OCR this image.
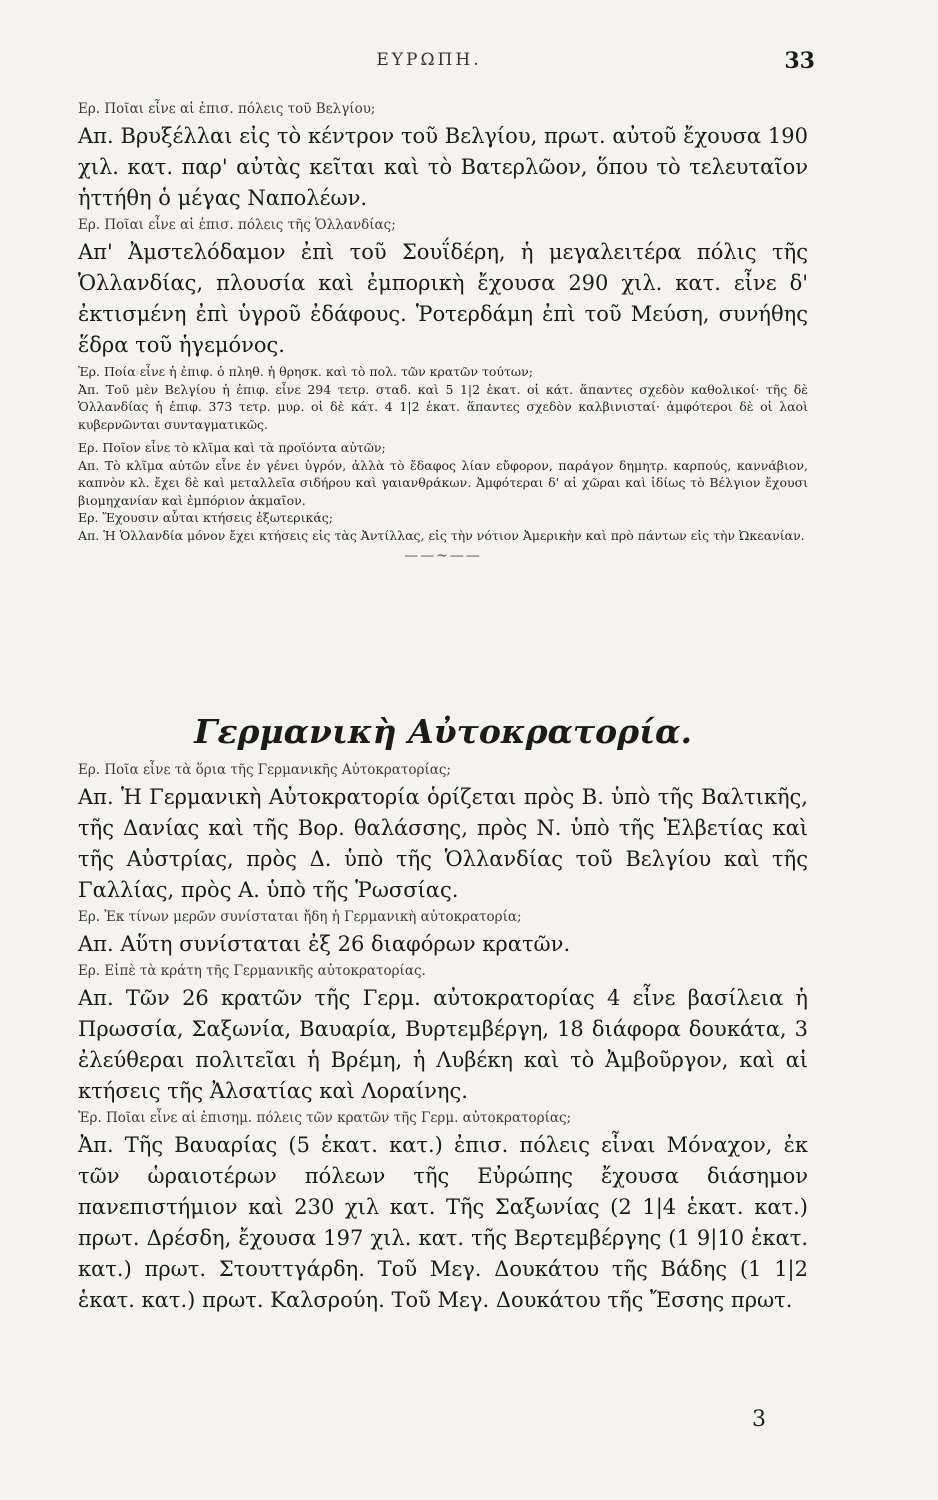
ΕΥΡΩΠΗ.	33

Ερ. Ποῖαι εἶνε αἱ ἐπισ. πόλεις τοῦ Βελγίου;

Απ. Βρυξέλλαι εἰς τὸ κέντρον τοῦ Βελγίου, πρωτ. αὐτοῦ ἔχουσα 190 χιλ. κατ. παρ' αὐτὰς κεῖται καὶ τὸ Βατερλῶον, ὅπου τὸ τελευταῖον ἡττήθη ὁ μέγας Ναπολέων.

Ερ. Ποῖαι εἶνε αἱ ἐπισ. πόλεις τῆς Ὁλλανδίας;

Απ' Ἀμστελόδαμον ἐπὶ τοῦ Σουΐδέρη, ἡ μεγαλειτέρα πόλις τῆς Ὁλλανδίας, πλουσία καὶ ἐμπορικὴ ἔχουσα 290 χιλ. κατ. εἶνε δ' ἐκτισμένη ἐπὶ ὑγροῦ ἐδάφους. Ῥοτερδάμη ἐπὶ τοῦ Μεύση, συνήθης ἕδρα τοῦ ἡγεμόνος.

Ἐρ. Ποία εἶνε ἡ ἐπιφ. ὁ πληθ. ἡ θρησκ. καὶ τὸ πολ. τῶν κρατῶν τούτων;

Ἀπ. Τοῦ μὲν Βελγίου ἡ ἐπιφ. εἶνε 294 τετρ. σταδ. καὶ 5 1|2 ἑκατ. οἱ κάτ. ἅπαντες σχεδὸν καθολικοί· τῆς δὲ Ὁλλανδίας ἡ ἐπιφ. 373 τετρ. μυρ. οἱ δὲ κάτ. 4 1|2 ἑκατ. ἅπαντες σχεδὸν καλβινισταί· ἀμφότεροι δὲ οἱ λαοὶ κυβερνῶνται συνταγματικῶς.

Ερ. Ποῖον εἶνε τὸ κλῖμα καὶ τὰ προϊόντα αὐτῶν;

Απ. Τὸ κλῖμα αὐτῶν εἶνε ἐν γένει ὑγρόν, ἀλλὰ τὸ ἔδαφος λίαν εὔφορον, παράγον δημητρ. καρπούς, καννάβιον, καπνὸν κλ. ἔχει δὲ καὶ μεταλλεῖα σιδήρου καὶ γαιανθράκων. Ἀμφότεραι δ' αἱ χῶραι καὶ ἰδίως τὸ Βέλγιον ἔχουσι βιομηχανίαν καὶ ἐμπόριον ἀκμαῖον.

Ερ. Ἔχουσιν αὗται κτήσεις ἐξωτερικάς;

Απ. Ἡ Ὁλλανδία μόνον ἔχει κτήσεις εἰς τὰς Ἀντίλλας, εἰς τὴν νότιον Ἀμερικὴν καὶ πρὸ πάντων εἰς τὴν Ὠκεανίαν.

——~——
Γερμανικὴ Αὐτοκρατορία.

Ερ. Ποῖα εἶνε τὰ ὅρια τῆς Γερμανικῆς Αὐτοκρατορίας;

Απ. Ἡ Γερμανικὴ Αὐτοκρατορία ὁρίζεται πρὸς Β. ὑπὸ τῆς Βαλτικῆς, τῆς Δανίας καὶ τῆς Βορ. θαλάσσης, πρὸς Ν. ὑπὸ τῆς Ἑλβετίας καὶ τῆς Αὐστρίας, πρὸς Δ. ὑπὸ τῆς Ὁλλανδίας τοῦ Βελγίου καὶ τῆς Γαλλίας, πρὸς Α. ὑπὸ τῆς Ῥωσσίας.

Ερ. Ἐκ τίνων μερῶν συνίσταται ἤδη ἡ Γερμανικὴ αὐτοκρατορία;

Απ. Αὕτη συνίσταται ἐξ 26 διαφόρων κρατῶν.

Ερ. Εἰπὲ τὰ κράτη τῆς Γερμανικῆς αὐτοκρατορίας.

Απ. Τῶν 26 κρατῶν τῆς Γερμ. αὐτοκρατορίας 4 εἶνε βασίλεια ἡ Πρωσσία, Σαξωνία, Βαυαρία, Βυρτεμβέργη, 18 διάφορα δουκάτα, 3 ἐλεύθεραι πολιτεῖαι ἡ Βρέμη, ἡ Λυβέκη καὶ τὸ Ἀμβοῦργον, καὶ αἱ κτήσεις τῆς Ἀλσατίας καὶ Λοραίνης.

Ἐρ. Ποῖαι εἶνε αἱ ἐπισημ. πόλεις τῶν κρατῶν τῆς Γερμ. αὐτοκρατορίας;

Ἀπ. Τῆς Βαυαρίας (5 ἑκατ. κατ.) ἐπισ. πόλεις εἶναι Μόναχον, ἐκ τῶν ὡραιοτέρων πόλεων τῆς Εὐρώπης ἔχουσα διάσημον πανεπιστήμιον καὶ 230 χιλ κατ. Τῆς Σαξωνίας (2 1|4 ἑκατ. κατ.) πρωτ. Δρέσδη, ἔχουσα 197 χιλ. κατ. τῆς Βερτεμβέργης (1 9|10 ἑκατ. κατ.) πρωτ. Στουττγάρδη. Τοῦ Μεγ. Δουκάτου τῆς Βάδης (1 1|2 ἑκατ. κατ.) πρωτ. Καλσρούη. Τοῦ Μεγ. Δουκάτου τῆς Ἔσσης πρωτ.

3
